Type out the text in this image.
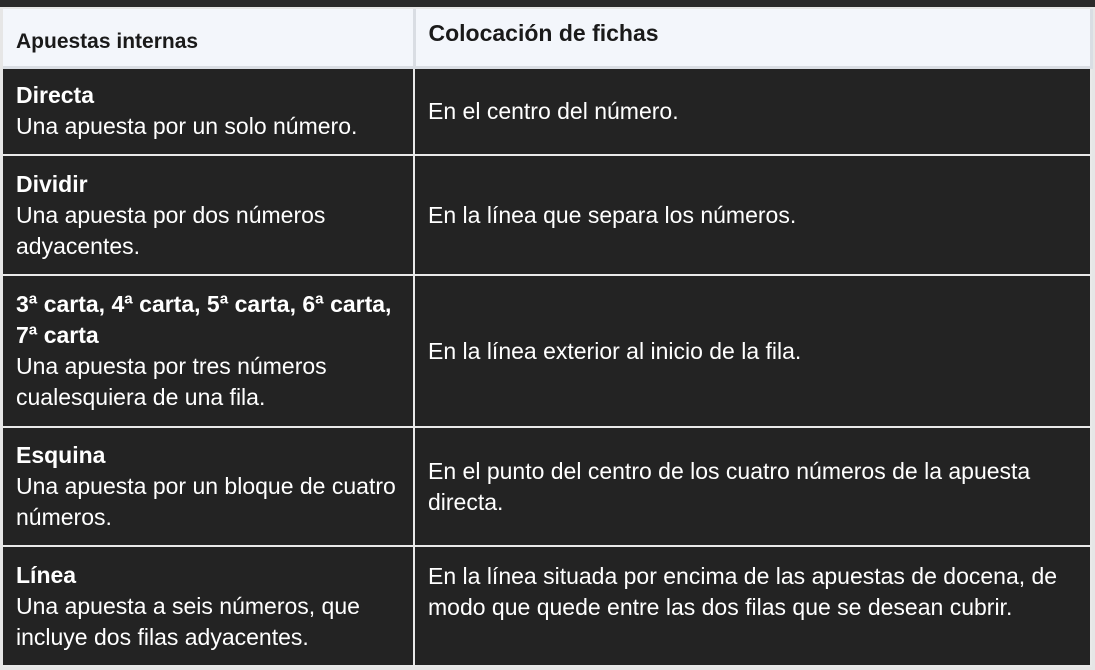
Apuestas internas	Colocación de fichas

Directa
Una apuesta por un solo número.	En el centro del número.

Dividir
Una apuesta por dos números adyacentes.	En la línea que separa los números.

3ª carta, 4ª carta, 5ª carta, 6ª carta, 7ª carta
Una apuesta por tres números cualesquiera de una fila.	En la línea exterior al inicio de la fila.

Esquina
Una apuesta por un bloque de cuatro números.	En el punto del centro de los cuatro números de la apuesta directa.

Línea
Una apuesta a seis números, que incluye dos filas adyacentes.	En la línea situada por encima de las apuestas de docena, de modo que quede entre las dos filas que se desean cubrir.
